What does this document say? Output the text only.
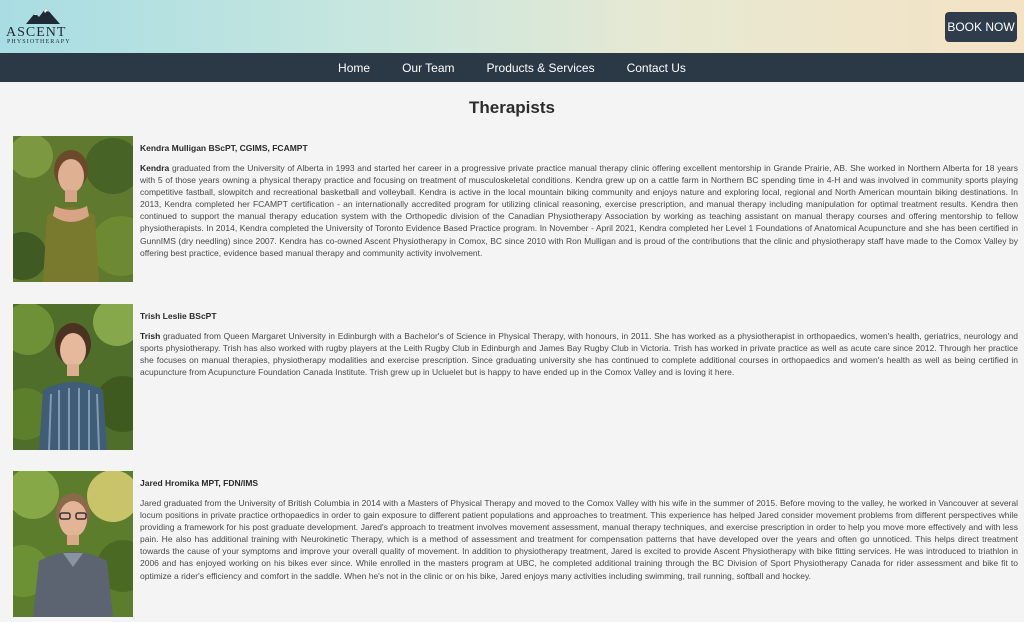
ASCENT
PHYSIOTHERAPY
BOOK NOW
Home	Our Team	Products & Services	Contact Us
Therapists
Kendra Mulligan BScPT, CGIMS, FCAMPT

Kendra graduated from the University of Alberta in 1993 and started her career in a progressive private practice manual therapy clinic offering excellent mentorship in Grande Prairie, AB. She worked in Northern Alberta for 18 years with 5 of those years owning a physical therapy practice and focusing on treatment of musculoskeletal conditions. Kendra grew up on a cattle farm in Northern BC spending time in 4-H and was involved in community sports playing competitive fastball, slowpitch and recreational basketball and volleyball. Kendra is active in the local mountain biking community and enjoys nature and exploring local, regional and North American mountain biking destinations. In 2013, Kendra completed her FCAMPT certification - an internationally accredited program for utilizing clinical reasoning, exercise prescription, and manual therapy including manipulation for optimal treatment results. Kendra then continued to support the manual therapy education system with the Orthopedic division of the Canadian Physiotherapy Association by working as teaching assistant on manual therapy courses and offering mentorship to fellow physiotherapists. In 2014, Kendra completed the University of Toronto Evidence Based Practice program. In November - April 2021, Kendra completed her Level 1 Foundations of Anatomical Acupuncture and she has been certified in GunnIMS (dry needling) since 2007. Kendra has co-owned Ascent Physiotherapy in Comox, BC since 2010 with Ron Mulligan and is proud of the contributions that the clinic and physiotherapy staff have made to the Comox Valley by offering best practice, evidence based manual therapy and community activity involvement.

Trish Leslie BScPT

Trish graduated from Queen Margaret University in Edinburgh with a Bachelor's of Science in Physical Therapy, with honours, in 2011. She has worked as a physiotherapist in orthopaedics, women's health, geriatrics, neurology and sports physiotherapy. Trish has also worked with rugby players at the Leith Rugby Club in Edinburgh and James Bay Rugby Club in Victoria. Trish has worked in private practice as well as acute care since 2012. Through her practice she focuses on manual therapies, physiotherapy modalities and exercise prescription. Since graduating university she has continued to complete additional courses in orthopaedics and women's health as well as being certified in acupuncture from Acupuncture Foundation Canada Institute. Trish grew up in Ucluelet but is happy to have ended up in the Comox Valley and is loving it here.

Jared Hromika MPT, FDN/IMS

Jared graduated from the University of British Columbia in 2014 with a Masters of Physical Therapy and moved to the Comox Valley with his wife in the summer of 2015. Before moving to the valley, he worked in Vancouver at several locum positions in private practice orthopaedics in order to gain exposure to different patient populations and approaches to treatment. This experience has helped Jared consider movement problems from different perspectives while providing a framework for his post graduate development. Jared's approach to treatment involves movement assessment, manual therapy techniques, and exercise prescription in order to help you move more effectively and with less pain. He also has additional training with Neurokinetic Therapy, which is a method of assessment and treatment for compensation patterns that have developed over the years and often go unnoticed. This helps direct treatment towards the cause of your symptoms and improve your overall quality of movement. In addition to physiotherapy treatment, Jared is excited to provide Ascent Physiotherapy with bike fitting services. He was introduced to triathlon in 2006 and has enjoyed working on his bikes ever since. While enrolled in the masters program at UBC, he completed additional training through the BC Division of Sport Physiotherapy Canada for rider assessment and bike fit to optimize a rider's efficiency and comfort in the saddle. When he's not in the clinic or on his bike, Jared enjoys many activities including swimming, trail running, softball and hockey.
